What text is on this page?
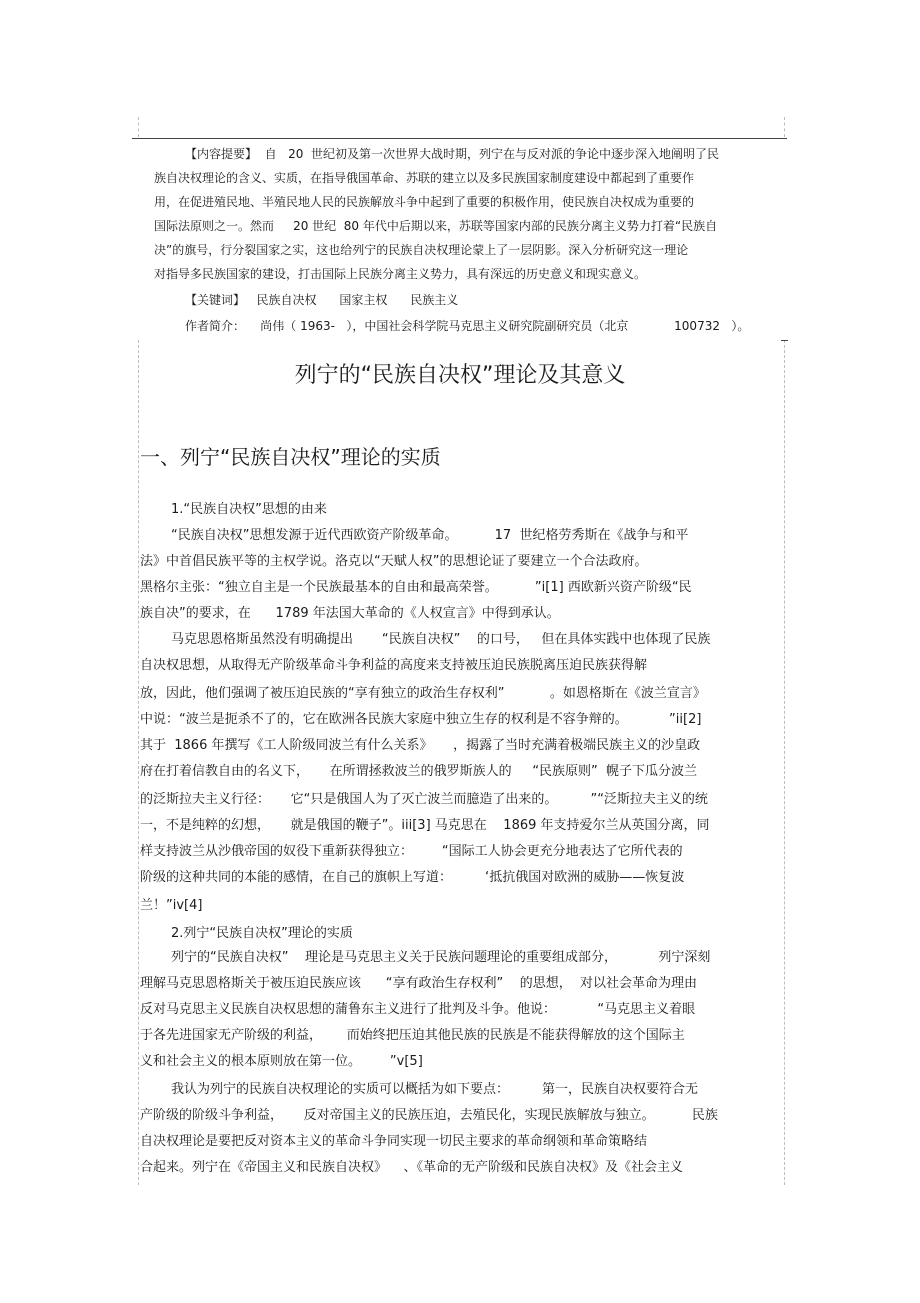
【内容提要】  自   20  世纪初及第一次世界大战时期，列宁在与反对派的争论中逐步深入地阐明了民
族自决权理论的含义、实质，在指导俄国革命、苏联的建立以及多民族国家制度建设中都起到了重要作
用，在促进殖民地、半殖民地人民的民族解放斗争中起到了重要的积极作用，使民族自决权成为重要的
国际法原则之一。然而     20 世纪  80 年代中后期以来，苏联等国家内部的民族分离主义势力打着“民族自
决”的旗号，行分裂国家之实，这也给列宁的民族自决权理论蒙上了一层阴影。深入分析研究这一理论
对指导多民族国家的建设，打击国际上民族分离主义势力，具有深远的历史意义和现实意义。
【关键词】   民族自决权      国家主权      民族主义
作者简介：    尚伟（ 1963-   ），中国社会科学院马克思主义研究院副研究员（北京            100732   ）。
列宁的“民族自决权”理论及其意义
一、列宁“民族自决权”理论的实质
1.“民族自决权”思想的由来
“民族自决权”思想发源于近代西欧资产阶级革命。         17  世纪格劳秀斯在《战争与和平
法》中首倡民族平等的主权学说。洛克以“天赋人权”的思想论证了要建立一个合法政府。
黑格尔主张：“独立自主是一个民族最基本的自由和最高荣誉。         ”i[1] 西欧新兴资产阶级“民
族自决”的要求，在      1789 年法国大革命的《人权宣言》中得到承认。
马克思恩格斯虽然没有明确提出       “民族自决权”    的口号，   但在具体实践中也体现了民族
自决权思想，从取得无产阶级革命斗争利益的高度来支持被压迫民族脱离压迫民族获得解
放，因此，他们强调了被压迫民族的“享有独立的政治生存权利”           。如恩格斯在《波兰宣言》
中说：“波兰是扼杀不了的，它在欧洲各民族大家庭中独立生存的权利是不容争辩的。          ”ii[2]
其于  1866 年撰写《工人阶级同波兰有什么关系》     ，揭露了当时充满着极端民族主义的沙皇政
府在打着信教自由的名义下，     在所谓拯救波兰的俄罗斯族人的     “民族原则”  幌子下瓜分波兰
的泛斯拉夫主义行径：     它“只是俄国人为了灭亡波兰而臆造了出来的。        ”“泛斯拉夫主义的统
一，不是纯粹的幻想，     就是俄国的鞭子”。iii[3] 马克思在    1869 年支持爱尔兰从英国分离，同
样支持波兰从沙俄帝国的奴役下重新获得独立：       “国际工人协会更充分地表达了它所代表的
阶级的这种共同的本能的感情，在自己的旗帜上写道：        ‘抵抗俄国对欧洲的威胁——恢复波
兰！”iv[4]
2.列宁“民族自决权”理论的实质
列宁的“民族自决权”    理论是马克思主义关于民族问题理论的重要组成部分，          列宁深刻
理解马克思恩格斯关于被压迫民族应该      “享有政治生存权利”    的思想，  对以社会革命为理由
反对马克思主义民族自决权思想的蒲鲁东主义进行了批判及斗争。他说：          “马克思主义着眼
于各先进国家无产阶级的利益，      而始终把压迫其他民族的民族是不能获得解放的这个国际主
义和社会主义的根本原则放在第一位。       ”v[5]
我认为列宁的民族自决权理论的实质可以概括为如下要点：        第一，民族自决权要符合无
产阶级的阶级斗争利益，     反对帝国主义的民族压迫，去殖民化，实现民族解放与独立。         民族
自决权理论是要把反对资本主义的革命斗争同实现一切民主要求的革命纲领和革命策略结
合起来。列宁在《帝国主义和民族自决权》    、《革命的无产阶级和民族自决权》及《社会主义
